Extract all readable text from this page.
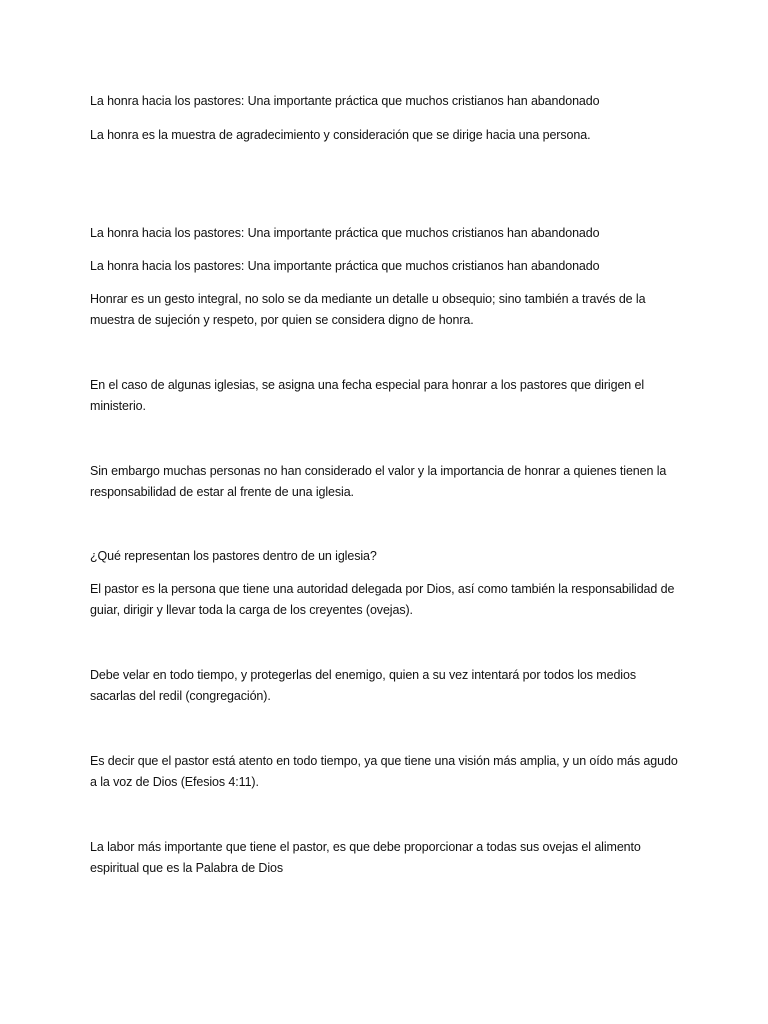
La honra hacia los pastores: Una importante práctica que muchos cristianos han abandonado

La honra es la muestra de agradecimiento y consideración que se dirige hacia una persona.

La honra hacia los pastores: Una importante práctica que muchos cristianos han abandonado

La honra hacia los pastores: Una importante práctica que muchos cristianos han abandonado

Honrar es un gesto integral, no solo se da mediante un detalle u obsequio; sino también a través de la muestra de sujeción y respeto, por quien se considera digno de honra.

En el caso de algunas iglesias, se asigna una fecha especial para honrar a los pastores que dirigen el ministerio.

Sin embargo muchas personas no han considerado el valor y la importancia de honrar a quienes tienen la responsabilidad de estar al frente de una iglesia.

¿Qué representan los pastores dentro de un iglesia?

El pastor es la persona que tiene una autoridad delegada por Dios, así como también la responsabilidad de guiar, dirigir y llevar toda la carga de los creyentes (ovejas).

Debe velar en todo tiempo, y protegerlas del enemigo, quien a su vez intentará por todos los medios sacarlas del redil (congregación).

Es decir que el pastor está atento en todo tiempo, ya que tiene una visión más amplia, y un oído más agudo a la voz de Dios (Efesios 4:11).

La labor más importante que tiene el pastor, es que debe proporcionar a todas sus ovejas el alimento espiritual que es la Palabra de Dios
